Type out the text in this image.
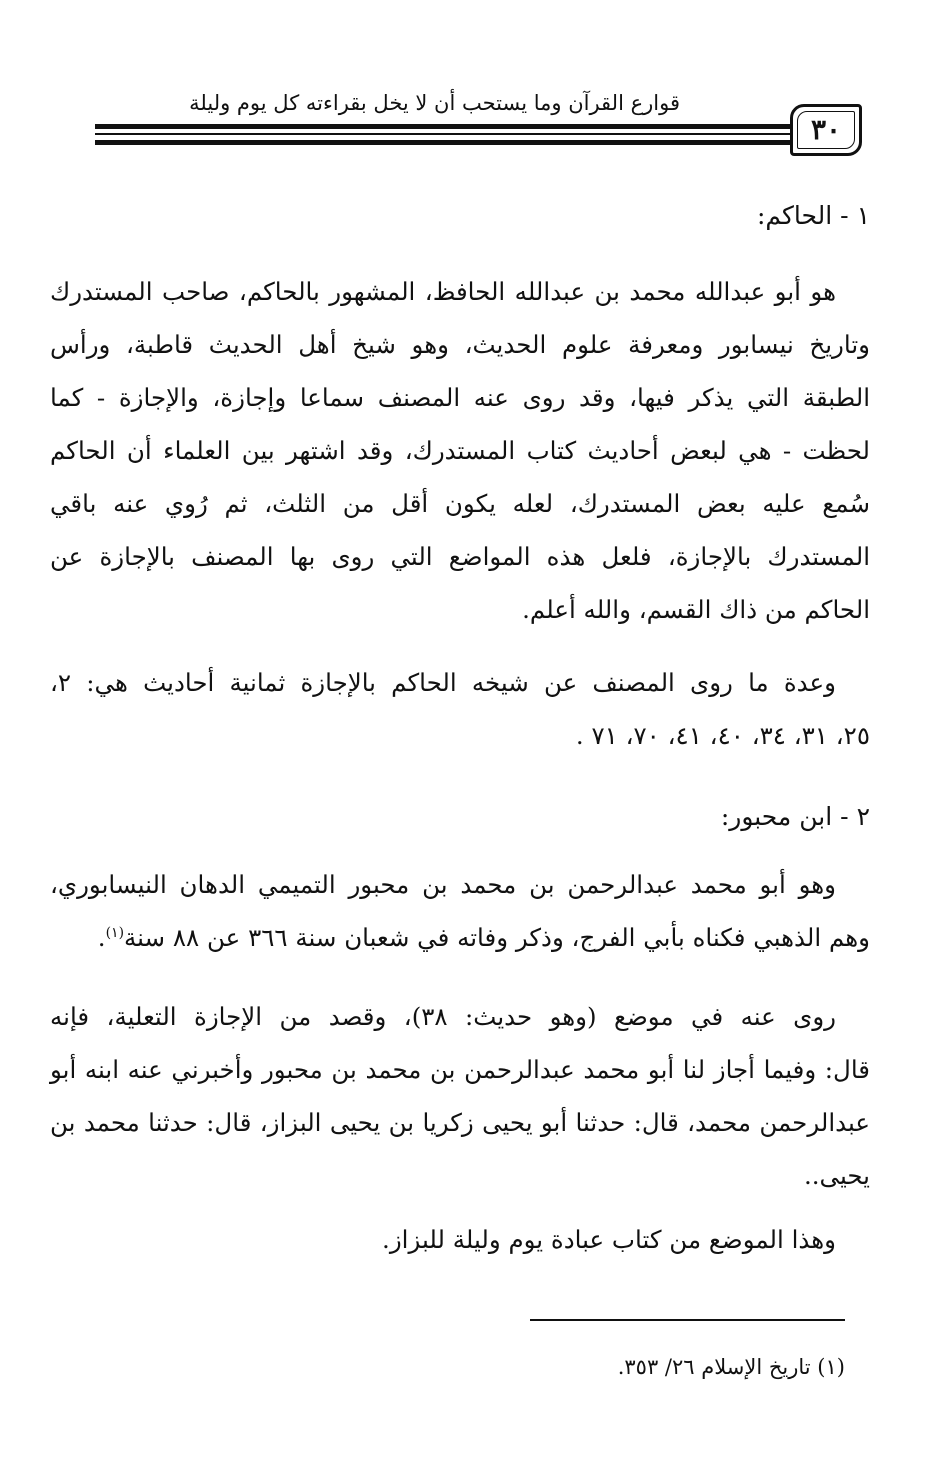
قوارع القرآن وما يستحب أن لا يخل بقراءته كل يوم وليلة
٣٠
١ - الحاكم:
هو أبو عبدالله محمد بن عبدالله الحافظ، المشهور بالحاكم، صاحب المستدرك
وتاريخ نيسابور ومعرفة علوم الحديث، وهو شيخ أهل الحديث قاطبة، ورأس
الطبقة التي يذكر فيها، وقد روى عنه المصنف سماعا وإجازة، والإجازة - كما
لحظت - هي لبعض أحاديث كتاب المستدرك، وقد اشتهر بين العلماء أن الحاكم
سُمع عليه بعض المستدرك، لعله يكون أقل من الثلث، ثم رُوي عنه باقي
المستدرك بالإجازة، فلعل هذه المواضع التي روى بها المصنف بالإجازة عن
الحاكم من ذاك القسم، والله أعلم.
وعدة ما روى المصنف عن شيخه الحاكم بالإجازة ثمانية أحاديث هي: ٢،
٢٥، ٣١، ٣٤، ٤٠، ٤١، ٧٠، ٧١ .
٢ - ابن محبور:
وهو أبو محمد عبدالرحمن بن محمد بن محبور التميمي الدهان النيسابوري،
وهم الذهبي فكناه بأبي الفرج، وذكر وفاته في شعبان سنة ٣٦٦ عن ٨٨ سنة$^{(١)}$.
روى عنه في موضع (وهو حديث: ٣٨)، وقصد من الإجازة التعلية، فإنه
قال: وفيما أجاز لنا أبو محمد عبدالرحمن بن محمد بن محبور وأخبرني عنه ابنه أبو
عبدالرحمن محمد، قال: حدثنا أبو يحيى زكريا بن يحيى البزاز، قال: حدثنا محمد بن
يحيى..
وهذا الموضع من كتاب عبادة يوم وليلة للبزاز.
(١) تاريخ الإسلام ٢٦/ ٣٥٣.
